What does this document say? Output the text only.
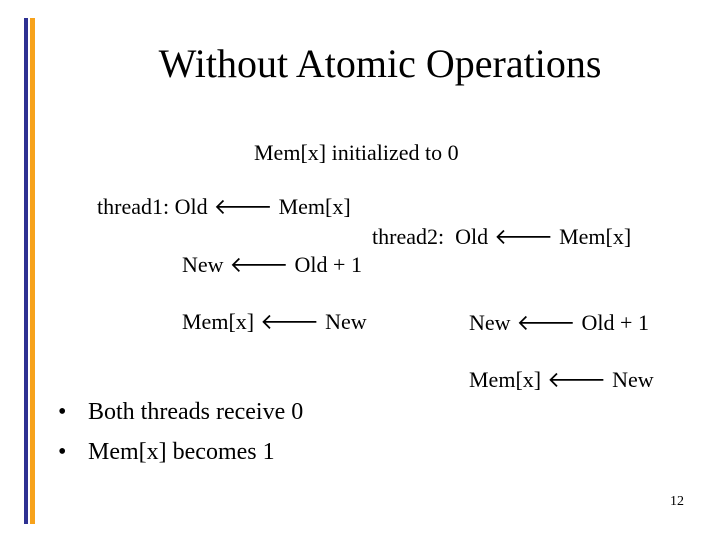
Without Atomic Operations
Mem[x] initialized to 0
thread1: Old 🡐 Mem[x]
New 🡐 Old + 1
Mem[x] 🡐 New
thread2: Old 🡐 Mem[x]
New 🡐 Old + 1
Mem[x] 🡐 New
• Both threads receive 0
• Mem[x] becomes 1
12
